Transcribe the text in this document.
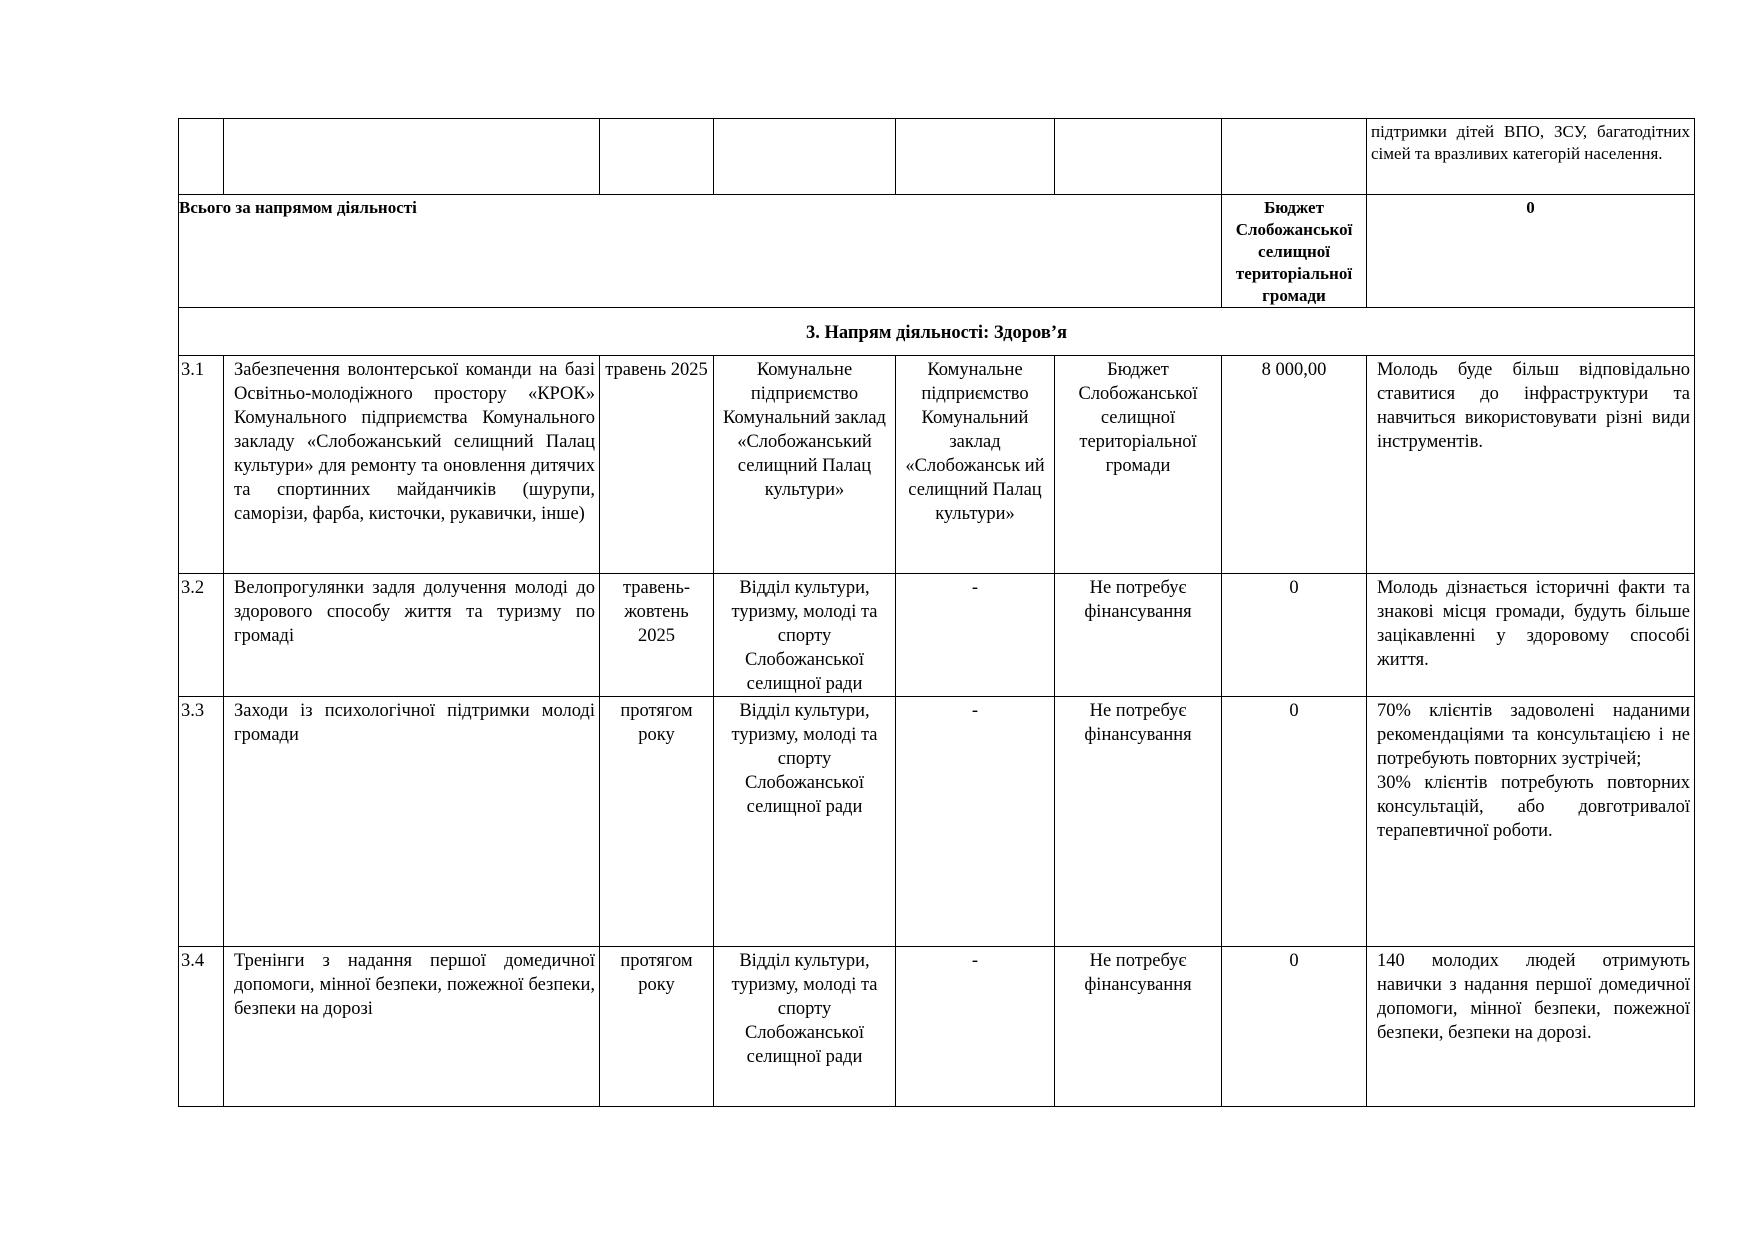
							підтримки дітей ВПО, ЗСУ, багатодітних сімей та вразливих категорій населення.	
Всього за напрямом діяльності						Бюджет Слобожанської селищної територіальної громади	0	
3. Напрям діяльності: Здоров’я								
3.1	Забезпечення волонтерської команди на базі Освітньо-молодіжного простору «КРОК» Комунального підприємства Комунального закладу «Слобожанський селищний Палац культури» для ремонту та оновлення дитячих та спортинних майданчиків (шурупи, саморізи, фарба, кисточки, рукавички, інше)	травень 2025	Комунальне підприємство Комунальний заклад «Слобожанський селищний Палац культури»	Комунальне підприємство Комунальний заклад «Слобожанськ ий селищний Палац культури»	Бюджет Слобожанської селищної територіальної громади	8 000,00	Молодь буде більш відповідально ставитися до інфраструктури та навчиться використовувати різні види інструментів.	
3.2	Велопрогулянки задля долучення молоді до здорового способу життя та туризму по громаді	травень-жовтень 2025	Відділ культури, туризму, молоді та спорту Слобожанської селищної ради	-	Не потребує фінансування	0	Молодь дізнається історичні факти та знакові місця громади, будуть більше зацікавленні у здоровому способі життя.	
3.3	Заходи із психологічної підтримки молоді громади	протягом року	Відділ культури, туризму, молоді та спорту Слобожанської селищної ради	-	Не потребує фінансування	0	70% клієнтів задоволені наданими рекомендаціями та консультацією і не потребують повторних зустрічей;
30% клієнтів потребують повторних консультацій, або довготривалої терапевтичної роботи.	
3.4	Тренінги з надання першої домедичної допомоги, мінної безпеки, пожежної безпеки, безпеки на дорозі	протягом року	Відділ культури, туризму, молоді та спорту Слобожанської селищної ради	-	Не потребує фінансування	0	140 молодих людей отримують навички з надання першої домедичної допомоги, мінної безпеки, пожежної безпеки, безпеки на дорозі.	
